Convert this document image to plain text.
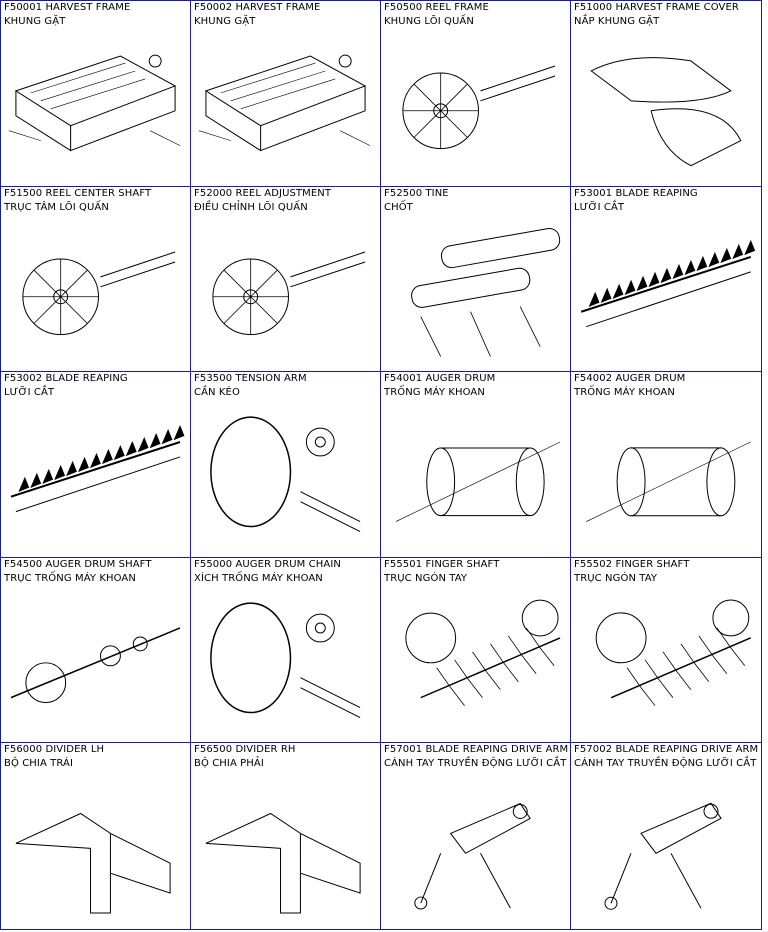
F50001 HARVEST FRAME
KHUNG GẶT
F50002 HARVEST FRAME
KHUNG GẶT
F50500 REEL FRAME
KHUNG LÕI QUẤN
F51000 HARVEST FRAME COVER
NẮP KHUNG GẶT
F51500 REEL CENTER SHAFT
TRỤC TÂM LÕI QUẤN
F52000 REEL ADJUSTMENT
ĐIỀU CHỈNH LÕI QUẤN
F52500 TINE
CHỐT
F53001 BLADE REAPING
LƯỠI CẮT
F53002 BLADE REAPING
LƯỠI CẮT
F53500 TENSION ARM
CẦN KÉO
F54001 AUGER DRUM
TRỐNG MÁY KHOAN
F54002 AUGER DRUM
TRỐNG MÁY KHOAN
F54500 AUGER DRUM SHAFT
TRỤC TRỐNG MÁY KHOAN
F55000 AUGER DRUM CHAIN
XÍCH TRỐNG MÁY KHOAN
F55501 FINGER SHAFT
TRỤC NGÓN TAY
F55502 FINGER SHAFT
TRỤC NGÓN TAY
F56000 DIVIDER LH
BỘ CHIA TRÁI
F56500 DIVIDER RH
BỘ CHIA PHẢI
F57001 BLADE REAPING DRIVE ARM
CÁNH TAY TRUYỀN ĐỘNG LƯỠI CẮT
F57002 BLADE REAPING DRIVE ARM
CÁNH TAY TRUYỀN ĐỘNG LƯỠI CẮT
